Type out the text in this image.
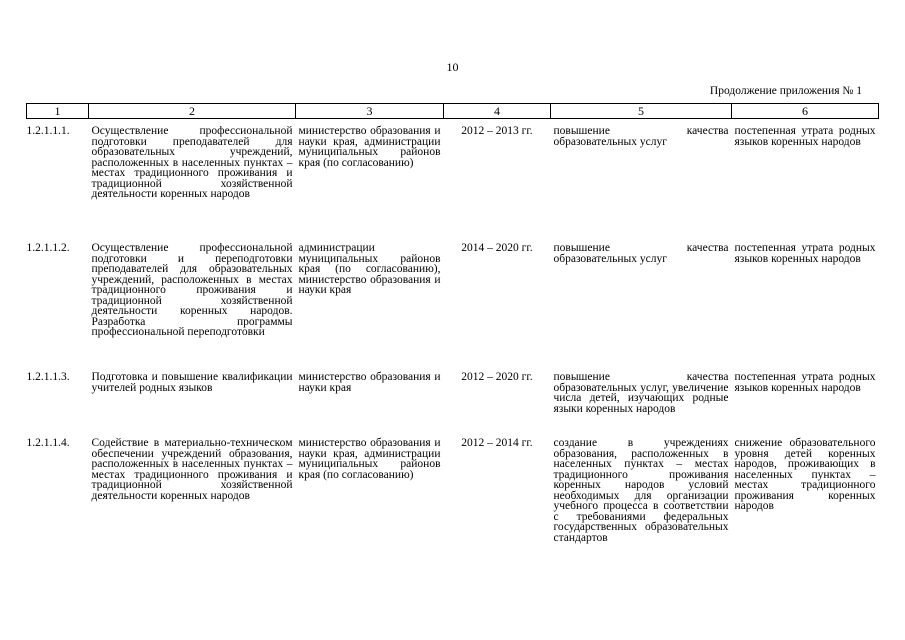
10
Продолжение приложения № 1
1	2	3	4	5	6
1.2.1.1.1.	Осуществление профессиональной подготовки преподавателей для образовательных учреждений, расположенных в населенных пунктах – местах традиционного проживания и традиционной хозяйственной деятельности коренных народов	министерство образования и науки края, администрации муниципальных районов края (по согласованию)	2012 – 2013 гг.	повышение качества образовательных услуг	постепенная утрата родных языков коренных народов
1.2.1.1.2.	Осуществление профессиональной подготовки и переподготовки преподавателей для образовательных учреждений, расположенных в местах традиционного проживания и традиционной хозяйственной деятельности коренных народов. Разработка программы профессиональной переподготовки	администрации муниципальных районов края (по согласованию), министерство образования и науки края	2014 – 2020 гг.	повышение качества образовательных услуг	постепенная утрата родных языков коренных народов
1.2.1.1.3.	Подготовка и повышение квалификации учителей родных языков	министерство образования и науки края	2012 – 2020 гг.	повышение качества образовательных услуг, увеличение числа детей, изучающих родные языки коренных народов	постепенная утрата родных языков коренных народов
1.2.1.1.4.	Содействие в материально-техническом обеспечении учреждений образования, расположенных в населенных пунктах – местах традиционного проживания и традиционной хозяйственной деятельности коренных народов	министерство образования и науки края, администрации муниципальных районов края (по согласованию)	2012 – 2014 гг.	создание в учреждениях образования, расположенных в населенных пунктах – местах традиционного проживания коренных народов условий необходимых для организации учебного процесса в соответствии с требованиями федеральных государственных образовательных стандартов	снижение образовательного уровня детей коренных народов, проживающих в населенных пунктах – местах традиционного проживания коренных народов
